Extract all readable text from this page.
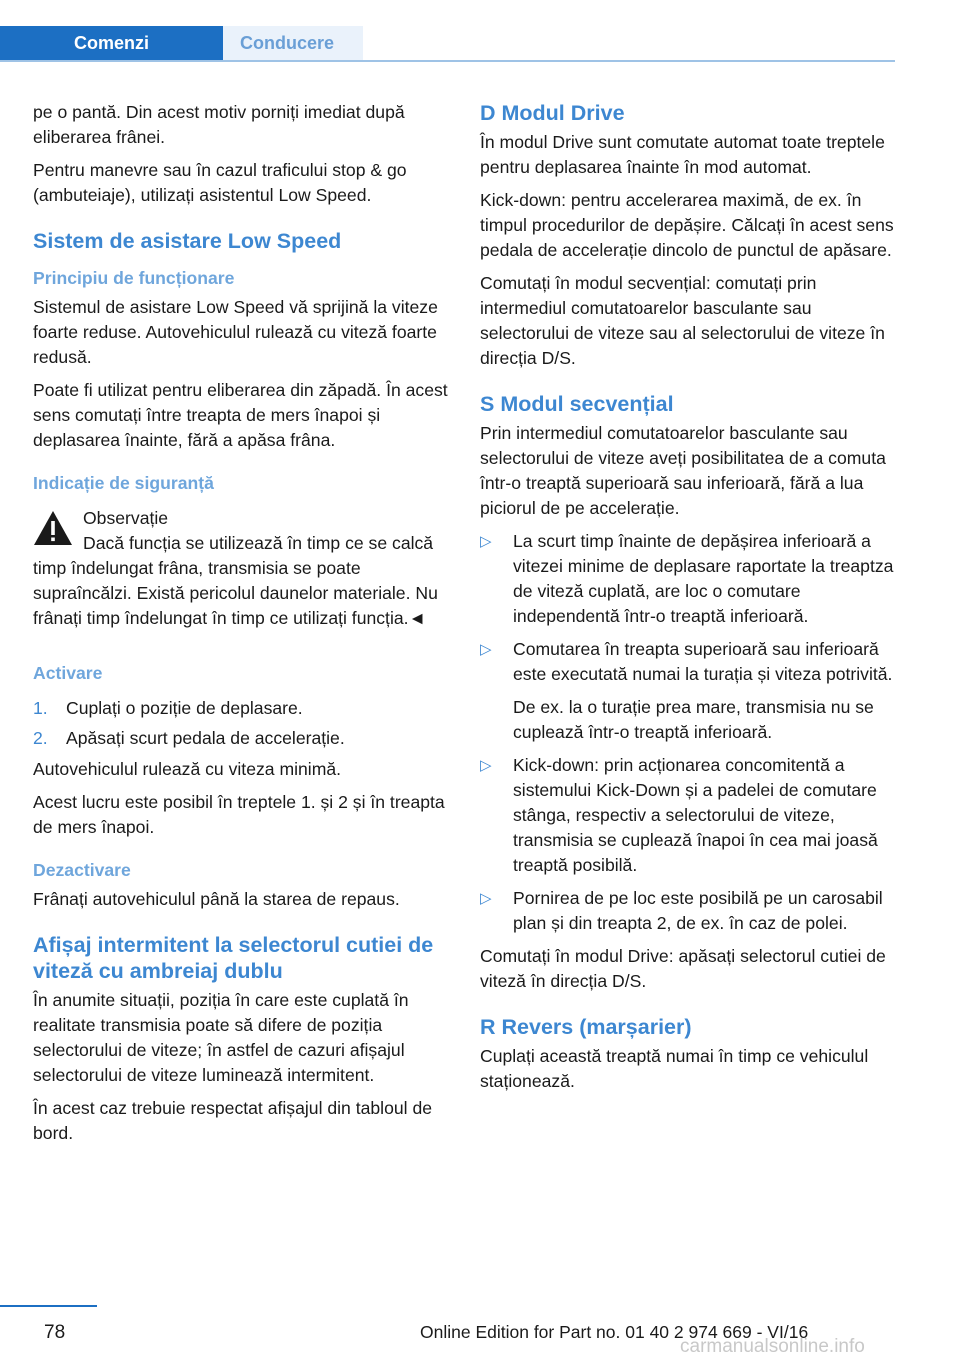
Comenzi	Conducere

pe o pantă. Din acest motiv porniți imediat după eliberarea frânei.

Pentru manevre sau în cazul traficului stop & go (ambuteiaje), utilizați asistentul Low Speed.

Sistem de asistare Low Speed
Principiu de funcționare

Sistemul de asistare Low Speed vă sprijină la viteze foarte reduse. Autovehiculul rulează cu viteză foarte redusă.

Poate fi utilizat pentru eliberarea din zăpadă. În acest sens comutați între treapta de mers înapoi și deplasarea înainte, fără a apăsa frâna.

Indicație de siguranță
Observație
Dacă funcția se utilizează în timp ce se calcă timp îndelungat frâna, transmisia se poate supraîncălzi. Există pericolul daunelor materiale. Nu frânați timp îndelungat în timp ce utilizați funcția.◄
Activare
1. Cuplați o poziție de deplasare.
2. Apăsați scurt pedala de accelerație.

Autovehiculul rulează cu viteza minimă.

Acest lucru este posibil în treptele 1. și 2 și în treapta de mers înapoi.

Dezactivare

Frânați autovehiculul până la starea de repaus.

Afișaj intermitent la selectorul cutiei de viteză cu ambreiaj dublu

În anumite situații, poziția în care este cuplată în realitate transmisia poate să difere de poziția selectorului de viteze; în astfel de cazuri afișajul selectorului de viteze luminează intermitent.

În acest caz trebuie respectat afișajul din tabloul de bord.

D Modul Drive

În modul Drive sunt comutate automat toate treptele pentru deplasarea înainte în mod automat.

Kick-down: pentru accelerarea maximă, de ex. în timpul procedurilor de depășire. Călcați în acest sens pedala de accelerație dincolo de punctul de apăsare.

Comutați în modul secvențial: comutați prin intermediul comutatoarelor basculante sau selectorului de viteze sau al selectorului de viteze în direcția D/S.

S Modul secvențial

Prin intermediul comutatoarelor basculante sau selectorului de viteze aveți posibilitatea de a comuta într-o treaptă superioară sau inferioară, fără a lua piciorul de pe accelerație.

▷ La scurt timp înainte de depășirea inferioară a vitezei minime de deplasare raportate la treaptza de viteză cuplată, are loc o comutare independentă într-o treaptă inferioară.
▷ Comutarea în treapta superioară sau inferioară este executată numai la turația și viteza potrivită.

De ex. la o turație prea mare, transmisia nu se cuplează într-o treaptă inferioară.

▷ Kick-down: prin acționarea concomitentă a sistemului Kick-Down și a padelei de comutare stânga, respectiv a selectorului de viteze, transmisia se cuplează înapoi în cea mai joasă treaptă posibilă.
▷ Pornirea de pe loc este posibilă pe un carosabil plan și din treapta 2, de ex. în caz de polei.

Comutați în modul Drive: apăsați selectorul cutiei de viteză în direcția D/S.

R Revers (marșarier)

Cuplați această treaptă numai în timp ce vehiculul staționează.

78	Online Edition for Part no. 01 40 2 974 669 - VI/16
carmanualsonline.info
